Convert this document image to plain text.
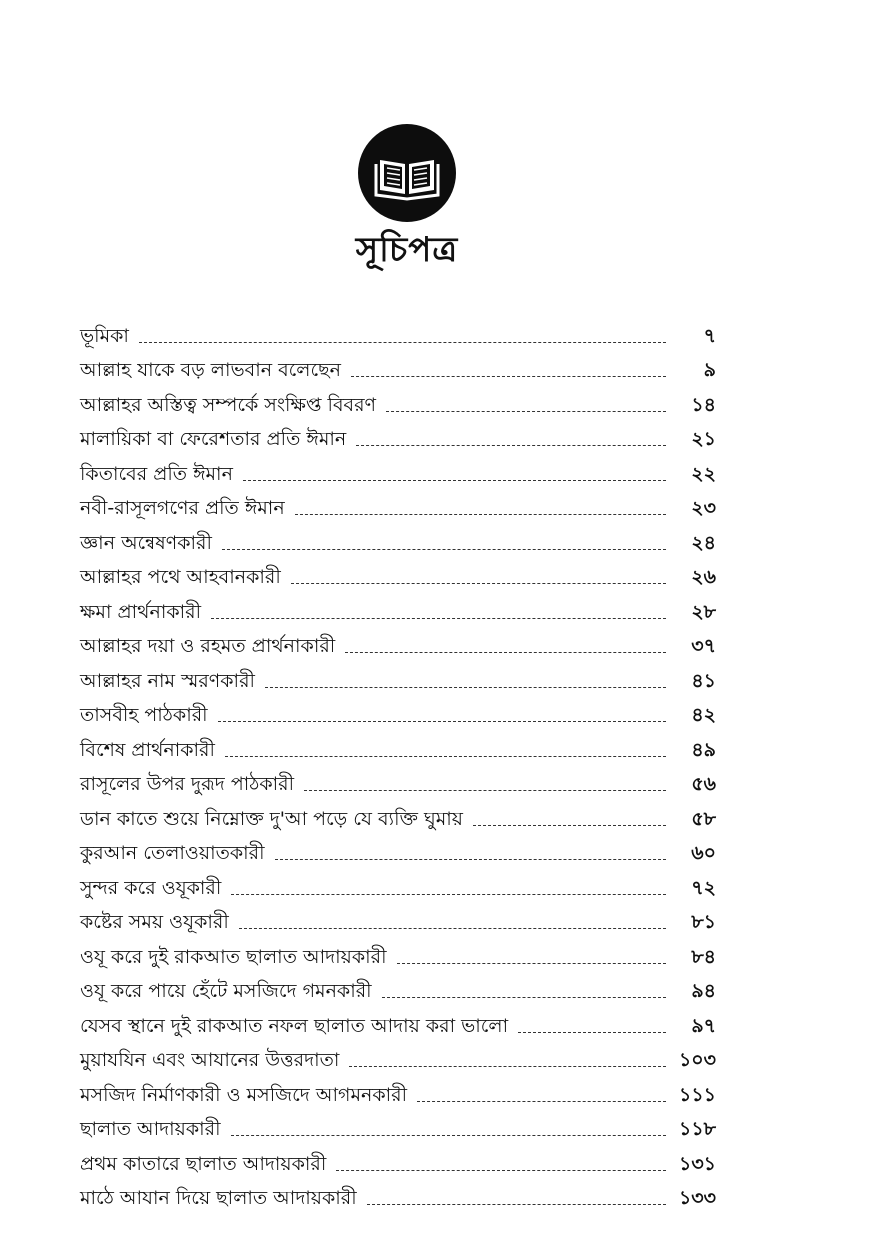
সূচিপত্র
ভূমিকা	৭
আল্লাহ যাকে বড় লাভবান বলেছেন	৯
আল্লাহর অস্তিত্ব সম্পর্কে সংক্ষিপ্ত বিবরণ	১৪
মালায়িকা বা ফেরেশতার প্রতি ঈমান	২১
কিতাবের প্রতি ঈমান	২২
নবী-রাসূলগণের প্রতি ঈমান	২৩
জ্ঞান অন্বেষণকারী	২৪
আল্লাহর পথে আহবানকারী	২৬
ক্ষমা প্রার্থনাকারী	২৮
আল্লাহর দয়া ও রহমত প্রার্থনাকারী	৩৭
আল্লাহর নাম স্মরণকারী	৪১
তাসবীহ পাঠকারী	৪২
বিশেষ প্রার্থনাকারী	৪৯
রাসূলের উপর দুরূদ পাঠকারী	৫৬
ডান কাতে শুয়ে নিম্নোক্ত দু'আ পড়ে যে ব্যক্তি ঘুমায়	৫৮
কুরআন তেলাওয়াতকারী	৬০
সুন্দর করে ওযূকারী	৭২
কষ্টের সময় ওযূকারী	৮১
ওযূ করে দুই রাকআত ছালাত আদায়কারী	৮৪
ওযূ করে পায়ে হেঁটে মসজিদে গমনকারী	৯৪
যেসব স্থানে দুই রাকআত নফল ছালাত আদায় করা ভালো	৯৭
মুয়াযযিন এবং আযানের উত্তরদাতা	১০৩
মসজিদ নির্মাণকারী ও মসজিদে আগমনকারী	১১১
ছালাত আদায়কারী	১১৮
প্রথম কাতারে ছালাত আদায়কারী	১৩১
মাঠে আযান দিয়ে ছালাত আদায়কারী	১৩৩
